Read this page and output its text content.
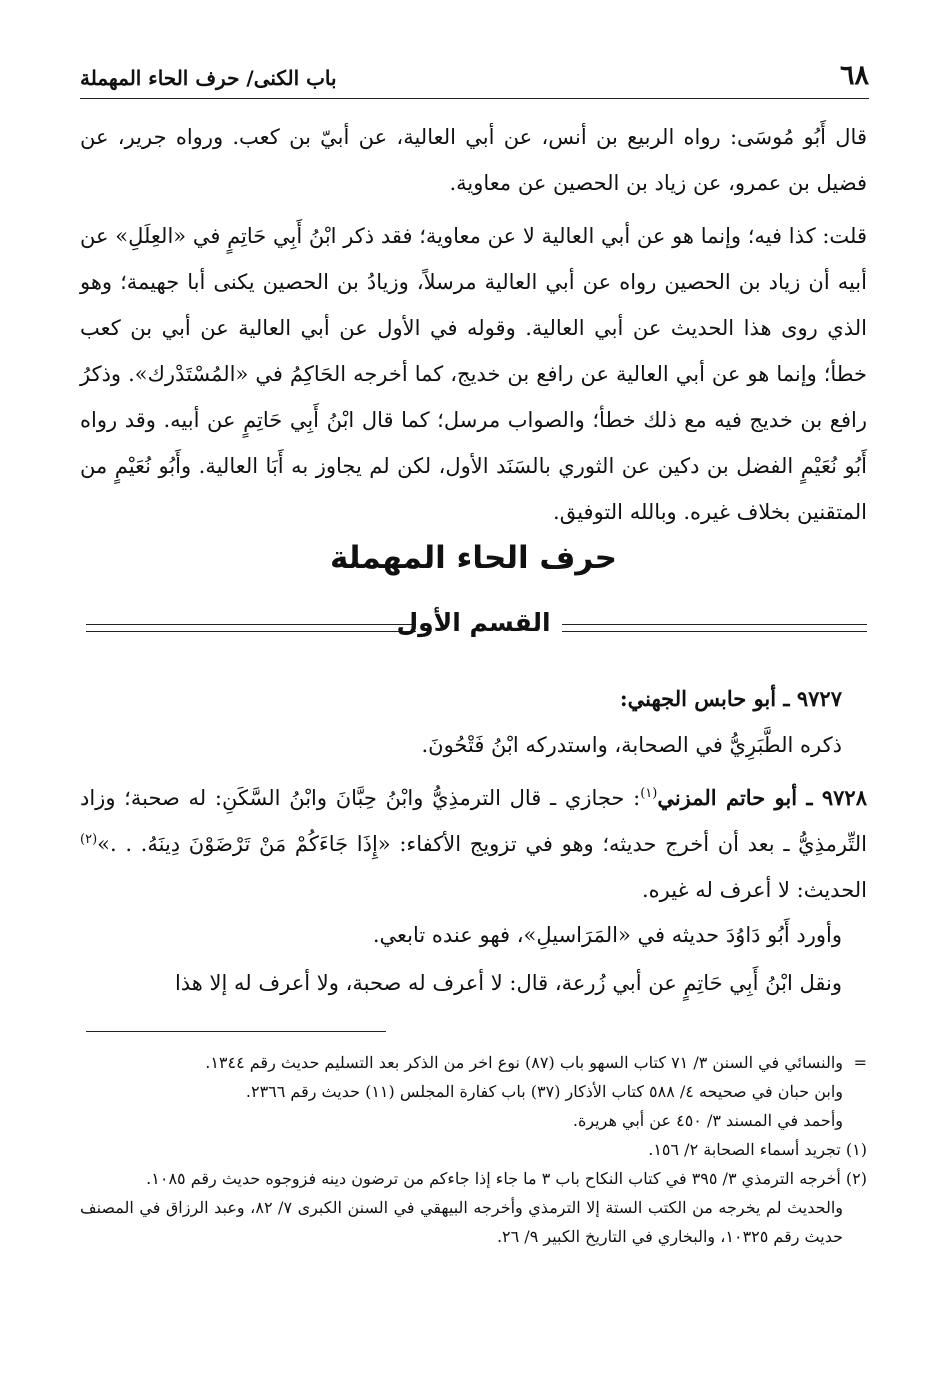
٦٨
باب الكنى/ حرف الحاء المهملة

قال أَبُو مُوسَى: رواه الربيع بن أنس، عن أبي العالية، عن أبيّ بن كعب. ورواه جرير، عن فضيل بن عمرو، عن زياد بن الحصين عن معاوية.

قلت: كذا فيه؛ وإنما هو عن أبي العالية لا عن معاوية؛ فقد ذكر ابْنُ أَبِي حَاتِمٍ في «العِلَلِ» عن أبيه أن زياد بن الحصين رواه عن أبي العالية مرسلاً، وزيادُ بن الحصين يكنى أبا جهيمة؛ وهو الذي روى هذا الحديث عن أبي العالية. وقوله في الأول عن أبي العالية عن أبي بن كعب خطأ؛ وإنما هو عن أبي العالية عن رافع بن خديج، كما أخرجه الحَاكِمُ في «المُسْتَدْرك». وذكرُ رافع بن خديج فيه مع ذلك خطأ؛ والصواب مرسل؛ كما قال ابْنُ أَبِي حَاتِمٍ عن أبيه. وقد رواه أَبُو نُعَيْمٍ الفضل بن دكين عن الثوري بالسَنَد الأول، لكن لم يجاوز به أَبَا العالية. وأَبُو نُعَيْمٍ من المتقنين بخلاف غيره. وبالله التوفيق.

حرف الحاء المهملة
القسم الأول
٩٧٢٧ ـ أبو حابس الجهني:
ذكره الطَّبَرِيُّ في الصحابة، واستدركه ابْنُ فَتْحُونَ.
٩٧٢٨ ـ أبو حاتم المزني$^{(١)}$: حجازي ـ قال الترمذِيُّ وابْنُ حِبَّانَ وابْنُ السَّكَنِ: له صحبة؛ وزاد التِّرمذِيُّ ـ بعد أن أخرج حديثه؛ وهو في تزويج الأكفاء: «إِذَا جَاءَكُمْ مَنْ تَرْضَوْنَ دِينَهُ. . .»$^{(٢)}$ الحديث: لا أعرف له غيره.
وأورد أَبُو دَاوُدَ حديثه في «المَرَاسيلِ»، فهو عنده تابعي.
ونقل ابْنُ أَبِي حَاتِمٍ عن أبي زُرعة، قال: لا أعرف له صحبة، ولا أعرف له إلا هذا

=والنسائي في السنن ٣/ ٧١ كتاب السهو باب (٨٧) نوع اخر من الذكر بعد التسليم حديث رقم ١٣٤٤.

وابن حبان في صحيحه ٤/ ٥٨٨ كتاب الأذكار (٣٧) باب كفارة المجلس (١١) حديث رقم ٢٣٦٦.

وأحمد في المسند ٣/ ٤٥٠ عن أبي هريرة.

(١) تجريد أسماء الصحابة ٢/ ١٥٦.

(٢) أخرجه الترمذي ٣/ ٣٩٥ في كتاب النكاح باب ٣ ما جاء إذا جاءكم من ترضون دينه فزوجوه حديث رقم ١٠٨٥.

والحديث لم يخرجه من الكتب الستة إلا الترمذي وأخرجه البيهقي في السنن الكبرى ٧/ ٨٢، وعبد الرزاق في المصنف حديث رقم ١٠٣٢٥، والبخاري في التاريخ الكبير ٩/ ٢٦.
